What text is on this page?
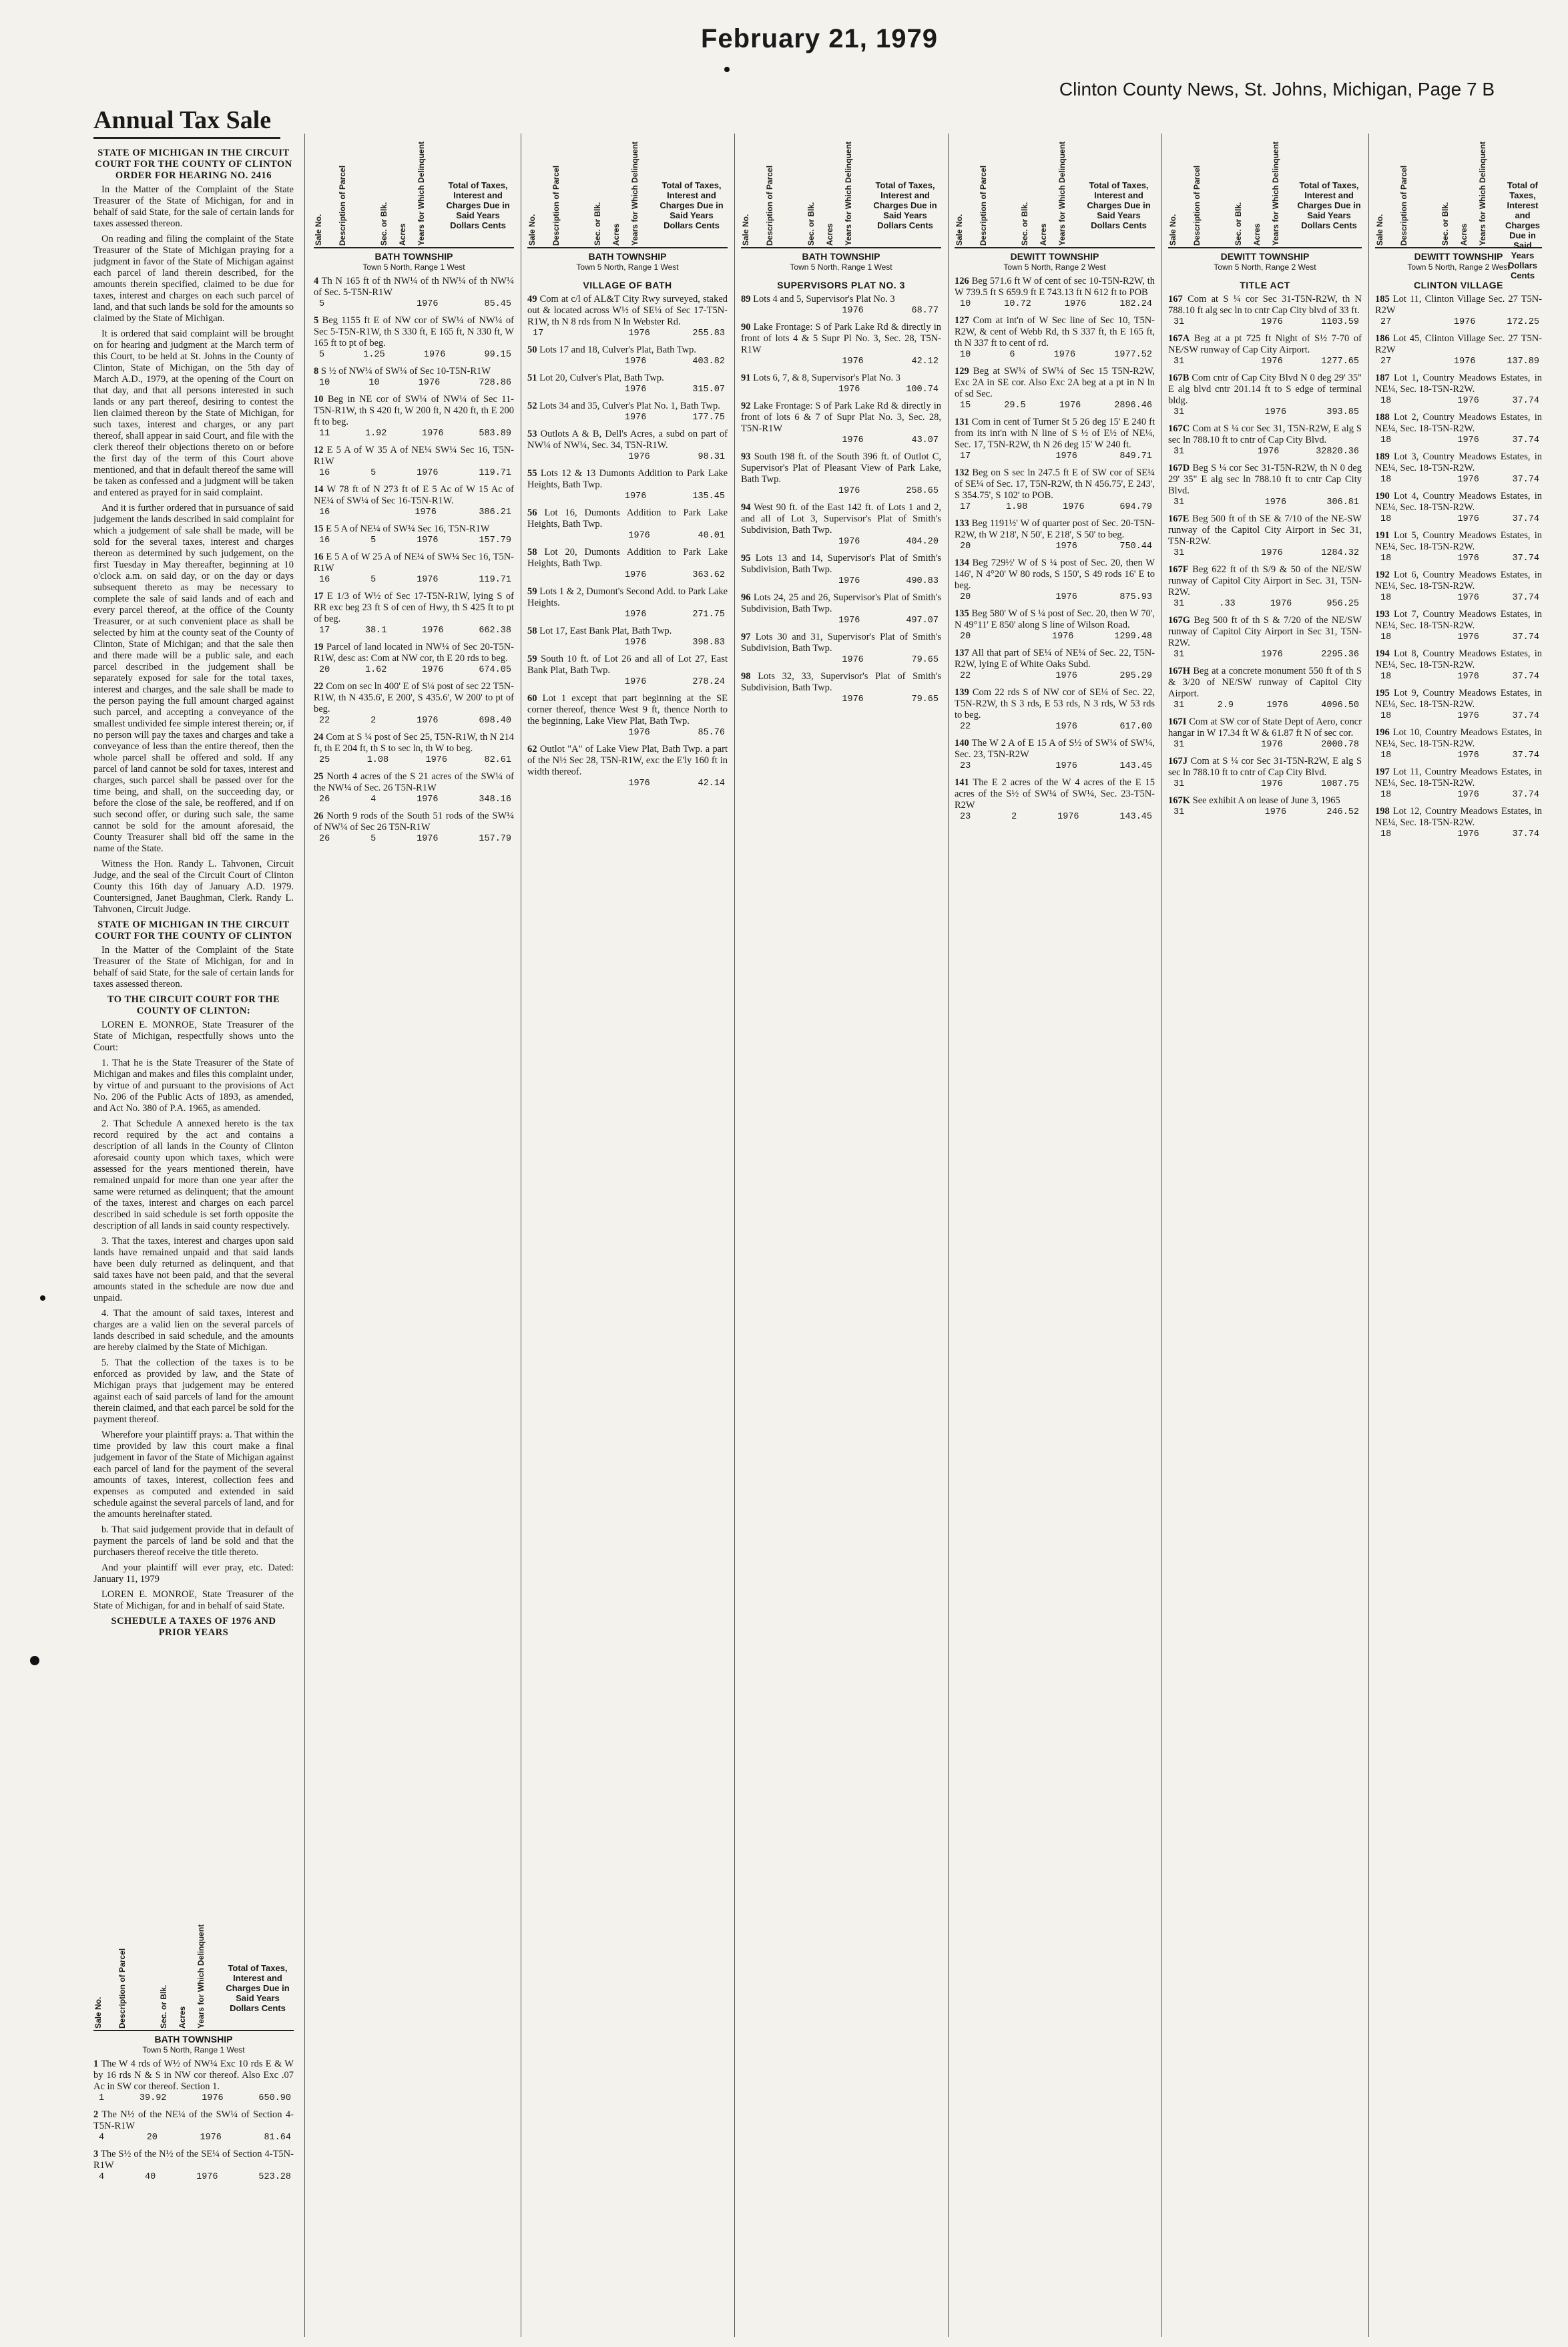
February 21, 1979
Clinton County News, St. Johns, Michigan, Page 7 B
Annual Tax Sale

STATE OF MICHIGAN IN THE CIRCUIT COURT FOR THE COUNTY OF CLINTON ORDER FOR HEARING NO. 2416

In the Matter of the Complaint of the State Treasurer of the State of Michigan, for and in behalf of said State, for the sale of certain lands for taxes assessed thereon.

On reading and filing the complaint of the State Treasurer of the State of Michigan praying for a judgment in favor of the State of Michigan against each parcel of land therein described, for the amounts therein specified, claimed to be due for taxes, interest and charges on each such parcel of land, and that such lands be sold for the amounts so claimed by the State of Michigan.

It is ordered that said complaint will be brought on for hearing and judgment at the March term of this Court, to be held at St. Johns in the County of Clinton, State of Michigan, on the 5th day of March A.D., 1979, at the opening of the Court on that day, and that all persons interested in such lands or any part thereof, desiring to contest the lien claimed thereon by the State of Michigan, for such taxes, interest and charges, or any part thereof, shall appear in said Court, and file with the clerk thereof their objections thereto on or before the first day of the term of this Court above mentioned, and that in default thereof the same will be taken as confessed and a judgment will be taken and entered as prayed for in said complaint.

And it is further ordered that in pursuance of said judgement the lands described in said complaint for which a judgement of sale shall be made, will be sold for the several taxes, interest and charges thereon as determined by such judgement, on the first Tuesday in May thereafter, beginning at 10 o'clock a.m. on said day, or on the day or days subsequent thereto as may be necessary to complete the sale of said lands and of each and every parcel thereof, at the office of the County Treasurer, or at such convenient place as shall be selected by him at the county seat of the County of Clinton, State of Michigan; and that the sale then and there made will be a public sale, and each parcel described in the judgement shall be separately exposed for sale for the total taxes, interest and charges, and the sale shall be made to the person paying the full amount charged against such parcel, and accepting a conveyance of the smallest undivided fee simple interest therein; or, if no person will pay the taxes and charges and take a conveyance of less than the entire thereof, then the whole parcel shall be offered and sold. If any parcel of land cannot be sold for taxes, interest and charges, such parcel shall be passed over for the time being, and shall, on the succeeding day, or before the close of the sale, be reoffered, and if on such second offer, or during such sale, the same cannot be sold for the amount aforesaid, the County Treasurer shall bid off the same in the name of the State.

Witness the Hon. Randy L. Tahvonen, Circuit Judge, and the seal of the Circuit Court of Clinton County this 16th day of January A.D. 1979. Countersigned, Janet Baughman, Clerk. Randy L. Tahvonen, Circuit Judge.

STATE OF MICHIGAN IN THE CIRCUIT COURT FOR THE COUNTY OF CLINTON

In the Matter of the Complaint of the State Treasurer of the State of Michigan, for and in behalf of said State, for the sale of certain lands for taxes assessed thereon.

TO THE CIRCUIT COURT FOR THE COUNTY OF CLINTON:

LOREN E. MONROE, State Treasurer of the State of Michigan, respectfully shows unto the Court:

1. That he is the State Treasurer of the State of Michigan and makes and files this complaint under, by virtue of and pursuant to the provisions of Act No. 206 of the Public Acts of 1893, as amended, and Act No. 380 of P.A. 1965, as amended.

2. That Schedule A annexed hereto is the tax record required by the act and contains a description of all lands in the County of Clinton aforesaid county upon which taxes, which were assessed for the years mentioned therein, have remained unpaid for more than one year after the same were returned as delinquent; that the amount of the taxes, interest and charges on each parcel described in said schedule is set forth opposite the description of all lands in said county respectively.

3. That the taxes, interest and charges upon said lands have remained unpaid and that said lands have been duly returned as delinquent, and that said taxes have not been paid, and that the several amounts stated in the schedule are now due and unpaid.

4. That the amount of said taxes, interest and charges are a valid lien on the several parcels of lands described in said schedule, and the amounts are hereby claimed by the State of Michigan.

5. That the collection of the taxes is to be enforced as provided by law, and the State of Michigan prays that judgement may be entered against each of said parcels of land for the amount therein claimed, and that each parcel be sold for the payment thereof.

Wherefore your plaintiff prays: a. That within the time provided by law this court make a final judgement in favor of the State of Michigan against each parcel of land for the payment of the several amounts of taxes, interest, collection fees and expenses as computed and extended in said schedule against the several parcels of land, and for the amounts hereinafter stated.

b. That said judgement provide that in default of payment the parcels of land be sold and that the purchasers thereof receive the title thereto.

And your plaintiff will ever pray, etc. Dated: January 11, 1979

LOREN E. MONROE, State Treasurer of the State of Michigan, for and in behalf of said State.

SCHEDULE A TAXES OF 1976 AND PRIOR YEARS

Sale No.	Description of Parcel	Sec. or Blk.	Acres	Years for Which Delinquent	Total of Taxes, Interest and Charges Due in Said Years Dollars Cents
BATH TOWNSHIP
Town 5 North, Range 1 West
1 The W 4 rds of W½ of NW¼ Exc 10 rds E & W by 16 rds N & S in NW cor thereof. Also Exc .07 Ac in SW cor thereof. Section 1.
1	39.92	1976	650.90
2 The N½ of the NE¼ of the SW¼ of Section 4-T5N-R1W
4	20	1976	81.64
3 The S½ of the N½ of the SE¼ of Section 4-T5N-R1W
4	40	1976	523.28
Sale No.	Description of Parcel	Sec. or Blk.	Acres	Years for Which Delinquent	Total of Taxes, Interest and Charges Due in Said Years Dollars Cents
BATH TOWNSHIP
Town 5 North, Range 1 West
4 Th N 165 ft of th NW¼ of th NW¼ of th NW¼ of Sec. 5-T5N-R1W
5	1976	85.45
5 Beg 1155 ft E of NW cor of SW¼ of NW¼ of Sec 5-T5N-R1W, th S 330 ft, E 165 ft, N 330 ft, W 165 ft to pt of beg.
5	1.25	1976	99.15
8 S ½ of NW¼ of SW¼ of Sec 10-T5N-R1W
10	10	1976	728.86
10 Beg in NE cor of SW¼ of NW¼ of Sec 11-T5N-R1W, th S 420 ft, W 200 ft, N 420 ft, th E 200 ft to beg.
11	1.92	1976	583.89
12 E 5 A of W 35 A of NE¼ SW¼ Sec 16, T5N-R1W
16	5	1976	119.71
14 W 78 ft of N 273 ft of E 5 Ac of W 15 Ac of NE¼ of SW¼ of Sec 16-T5N-R1W.
16	1976	386.21
15 E 5 A of NE¼ of SW¼ Sec 16, T5N-R1W
16	5	1976	157.79
16 E 5 A of W 25 A of NE¼ of SW¼ Sec 16, T5N-R1W
16	5	1976	119.71
17 E 1/3 of W½ of Sec 17-T5N-R1W, lying S of RR exc beg 23 ft S of cen of Hwy, th S 425 ft to pt of beg.
17	38.1	1976	662.38
19 Parcel of land located in NW¼ of Sec 20-T5N-R1W, desc as: Com at NW cor, th E 20 rds to beg.
20	1.62	1976	674.05
22 Com on sec ln 400' E of S¼ post of sec 22 T5N-R1W, th N 435.6', E 200', S 435.6', W 200' to pt of beg.
22	2	1976	698.40
24 Com at S ¼ post of Sec 25, T5N-R1W, th N 214 ft, th E 204 ft, th S to sec ln, th W to beg.
25	1.08	1976	82.61
25 North 4 acres of the S 21 acres of the SW¼ of the NW¼ of Sec. 26 T5N-R1W
26	4	1976	348.16
26 North 9 rods of the South 51 rods of the SW¼ of NW¼ of Sec 26 T5N-R1W
26	5	1976	157.79
Sale No.	Description of Parcel	Sec. or Blk.	Acres	Years for Which Delinquent	Total of Taxes, Interest and Charges Due in Said Years Dollars Cents
BATH TOWNSHIP
Town 5 North, Range 1 West
VILLAGE OF BATH
49 Com at c/l of AL&T City Rwy surveyed, staked out & located across W½ of SE¼ of Sec 17-T5N-R1W, th N 8 rds from N ln Webster Rd.
17	1976	255.83
50 Lots 17 and 18, Culver's Plat, Bath Twp.
1976	403.82
51 Lot 20, Culver's Plat, Bath Twp.
1976	315.07
52 Lots 34 and 35, Culver's Plat No. 1, Bath Twp.
1976	177.75
53 Outlots A & B, Dell's Acres, a subd on part of NW¼ of NW¼, Sec. 34, T5N-R1W.
1976	98.31
55 Lots 12 & 13 Dumonts Addition to Park Lake Heights, Bath Twp.
1976	135.45
56 Lot 16, Dumonts Addition to Park Lake Heights, Bath Twp.
1976	40.01
58 Lot 20, Dumonts Addition to Park Lake Heights, Bath Twp.
1976	363.62
59 Lots 1 & 2, Dumont's Second Add. to Park Lake Heights.
1976	271.75
58 Lot 17, East Bank Plat, Bath Twp.
1976	398.83
59 South 10 ft. of Lot 26 and all of Lot 27, East Bank Plat, Bath Twp.
1976	278.24
60 Lot 1 except that part beginning at the SE corner thereof, thence West 9 ft, thence North to the beginning, Lake View Plat, Bath Twp.
1976	85.76
62 Outlot "A" of Lake View Plat, Bath Twp. a part of the N½ Sec 28, T5N-R1W, exc the E'ly 160 ft in width thereof.
1976	42.14
Sale No.	Description of Parcel	Sec. or Blk.	Acres	Years for Which Delinquent	Total of Taxes, Interest and Charges Due in Said Years Dollars Cents
BATH TOWNSHIP
Town 5 North, Range 1 West
SUPERVISORS PLAT NO. 3
89 Lots 4 and 5, Supervisor's Plat No. 3
1976	68.77
90 Lake Frontage: S of Park Lake Rd & directly in front of lots 4 & 5 Supr Pl No. 3, Sec. 28, T5N-R1W
1976	42.12
91 Lots 6, 7, & 8, Supervisor's Plat No. 3
1976	100.74
92 Lake Frontage: S of Park Lake Rd & directly in front of lots 6 & 7 of Supr Plat No. 3, Sec. 28, T5N-R1W
1976	43.07
93 South 198 ft. of the South 396 ft. of Outlot C, Supervisor's Plat of Pleasant View of Park Lake, Bath Twp.
1976	258.65
94 West 90 ft. of the East 142 ft. of Lots 1 and 2, and all of Lot 3, Supervisor's Plat of Smith's Subdivision, Bath Twp.
1976	404.20
95 Lots 13 and 14, Supervisor's Plat of Smith's Subdivision, Bath Twp.
1976	490.83
96 Lots 24, 25 and 26, Supervisor's Plat of Smith's Subdivision, Bath Twp.
1976	497.07
97 Lots 30 and 31, Supervisor's Plat of Smith's Subdivision, Bath Twp.
1976	79.65
98 Lots 32, 33, Supervisor's Plat of Smith's Subdivision, Bath Twp.
1976	79.65
Sale No.	Description of Parcel	Sec. or Blk.	Acres	Years for Which Delinquent	Total of Taxes, Interest and Charges Due in Said Years Dollars Cents
DEWITT TOWNSHIP
Town 5 North, Range 2 West
126 Beg 571.6 ft W of cent of sec 10-T5N-R2W, th W 739.5 ft S 659.9 ft E 743.13 ft N 612 ft to POB
10	10.72	1976	182.24
127 Com at int'n of W Sec line of Sec 10, T5N-R2W, & cent of Webb Rd, th S 337 ft, th E 165 ft, th N 337 ft to cent of rd.
10	6	1976	1977.52
129 Beg at SW¼ of SW¼ of Sec 15 T5N-R2W, Exc 2A in SE cor. Also Exc 2A beg at a pt in N ln of sd Sec.
15	29.5	1976	2896.46
131 Com in cent of Turner St 5 26 deg 15' E 240 ft from its int'n with N line of S ½ of E½ of NE¼, Sec. 17, T5N-R2W, th N 26 deg 15' W 240 ft.
17	1976	849.71
132 Beg on S sec ln 247.5 ft E of SW cor of SE¼ of SE¼ of Sec. 17, T5N-R2W, th N 456.75', E 243', S 354.75', S 102' to POB.
17	1.98	1976	694.79
133 Beg 1191½' W of quarter post of Sec. 20-T5N-R2W, th W 218', N 50', E 218', S 50' to beg.
20	1976	750.44
134 Beg 729½' W of S ¼ post of Sec. 20, then W 146', N 4°20' W 80 rods, S 150', S 49 rods 16' E to beg.
20	1976	875.93
135 Beg 580' W of S ¼ post of Sec. 20, then W 70', N 49°11' E 850' along S line of Wilson Road.
20	1976	1299.48
137 All that part of SE¼ of NE¼ of Sec. 22, T5N-R2W, lying E of White Oaks Subd.
22	1976	295.29
139 Com 22 rds S of NW cor of SE¼ of Sec. 22, T5N-R2W, th S 3 rds, E 53 rds, N 3 rds, W 53 rds to beg.
22	1976	617.00
140 The W 2 A of E 15 A of S½ of SW¼ of SW¼, Sec. 23, T5N-R2W
23	1976	143.45
141 The E 2 acres of the W 4 acres of the E 15 acres of the S½ of SW¼ of SW¼, Sec. 23-T5N-R2W
23	2	1976	143.45
Sale No.	Description of Parcel	Sec. or Blk.	Acres	Years for Which Delinquent	Total of Taxes, Interest and Charges Due in Said Years Dollars Cents
DEWITT TOWNSHIP
Town 5 North, Range 2 West
TITLE ACT
167 Com at S ¼ cor Sec 31-T5N-R2W, th N 788.10 ft alg sec ln to cntr Cap City blvd of 33 ft.
31	1976	1103.59
167A Beg at a pt 725 ft Night of S½ 7-70 of NE/SW runway of Cap City Airport.
31	1976	1277.65
167B Com cntr of Cap City Blvd N 0 deg 29' 35" E alg blvd cntr 201.14 ft to S edge of terminal bldg.
31	1976	393.85
167C Com at S ¼ cor Sec 31, T5N-R2W, E alg S sec ln 788.10 ft to cntr of Cap City Blvd.
31	1976	32820.36
167D Beg S ¼ cor Sec 31-T5N-R2W, th N 0 deg 29' 35" E alg sec ln 788.10 ft to cntr Cap City Blvd.
31	1976	306.81
167E Beg 500 ft of th SE & 7/10 of the NE-SW runway of the Capitol City Airport in Sec 31, T5N-R2W.
31	1976	1284.32
167F Beg 622 ft of th S/9 & 50 of the NE/SW runway of Capitol City Airport in Sec. 31, T5N-R2W.
31	.33	1976	956.25
167G Beg 500 ft of th S & 7/20 of the NE/SW runway of Capitol City Airport in Sec 31, T5N-R2W.
31	1976	2295.36
167H Beg at a concrete monument 550 ft of th S & 3/20 of NE/SW runway of Capitol City Airport.
31	2.9	1976	4096.50
167I Com at SW cor of State Dept of Aero, concr hangar in W 17.34 ft W & 61.87 ft N of sec cor.
31	1976	2000.78
167J Com at S ¼ cor Sec 31-T5N-R2W, E alg S sec ln 788.10 ft to cntr of Cap City Blvd.
31	1976	1087.75
167K See exhibit A on lease of June 3, 1965
31	1976	246.52
Sale No.	Description of Parcel	Sec. or Blk.	Acres	Years for Which Delinquent	Total of Taxes, Interest and Charges Due in Said Years Dollars Cents
DEWITT TOWNSHIP
Town 5 North, Range 2 West
CLINTON VILLAGE
185 Lot 11, Clinton Village Sec. 27 T5N-R2W
27	1976	172.25
186 Lot 45, Clinton Village Sec. 27 T5N-R2W
27	1976	137.89
187 Lot 1, Country Meadows Estates, in NE¼, Sec. 18-T5N-R2W.
18	1976	37.74
188 Lot 2, Country Meadows Estates, in NE¼, Sec. 18-T5N-R2W.
18	1976	37.74
189 Lot 3, Country Meadows Estates, in NE¼, Sec. 18-T5N-R2W.
18	1976	37.74
190 Lot 4, Country Meadows Estates, in NE¼, Sec. 18-T5N-R2W.
18	1976	37.74
191 Lot 5, Country Meadows Estates, in NE¼, Sec. 18-T5N-R2W.
18	1976	37.74
192 Lot 6, Country Meadows Estates, in NE¼, Sec. 18-T5N-R2W.
18	1976	37.74
193 Lot 7, Country Meadows Estates, in NE¼, Sec. 18-T5N-R2W.
18	1976	37.74
194 Lot 8, Country Meadows Estates, in NE¼, Sec. 18-T5N-R2W.
18	1976	37.74
195 Lot 9, Country Meadows Estates, in NE¼, Sec. 18-T5N-R2W.
18	1976	37.74
196 Lot 10, Country Meadows Estates, in NE¼, Sec. 18-T5N-R2W.
18	1976	37.74
197 Lot 11, Country Meadows Estates, in NE¼, Sec. 18-T5N-R2W.
18	1976	37.74
198 Lot 12, Country Meadows Estates, in NE¼, Sec. 18-T5N-R2W.
18	1976	37.74
